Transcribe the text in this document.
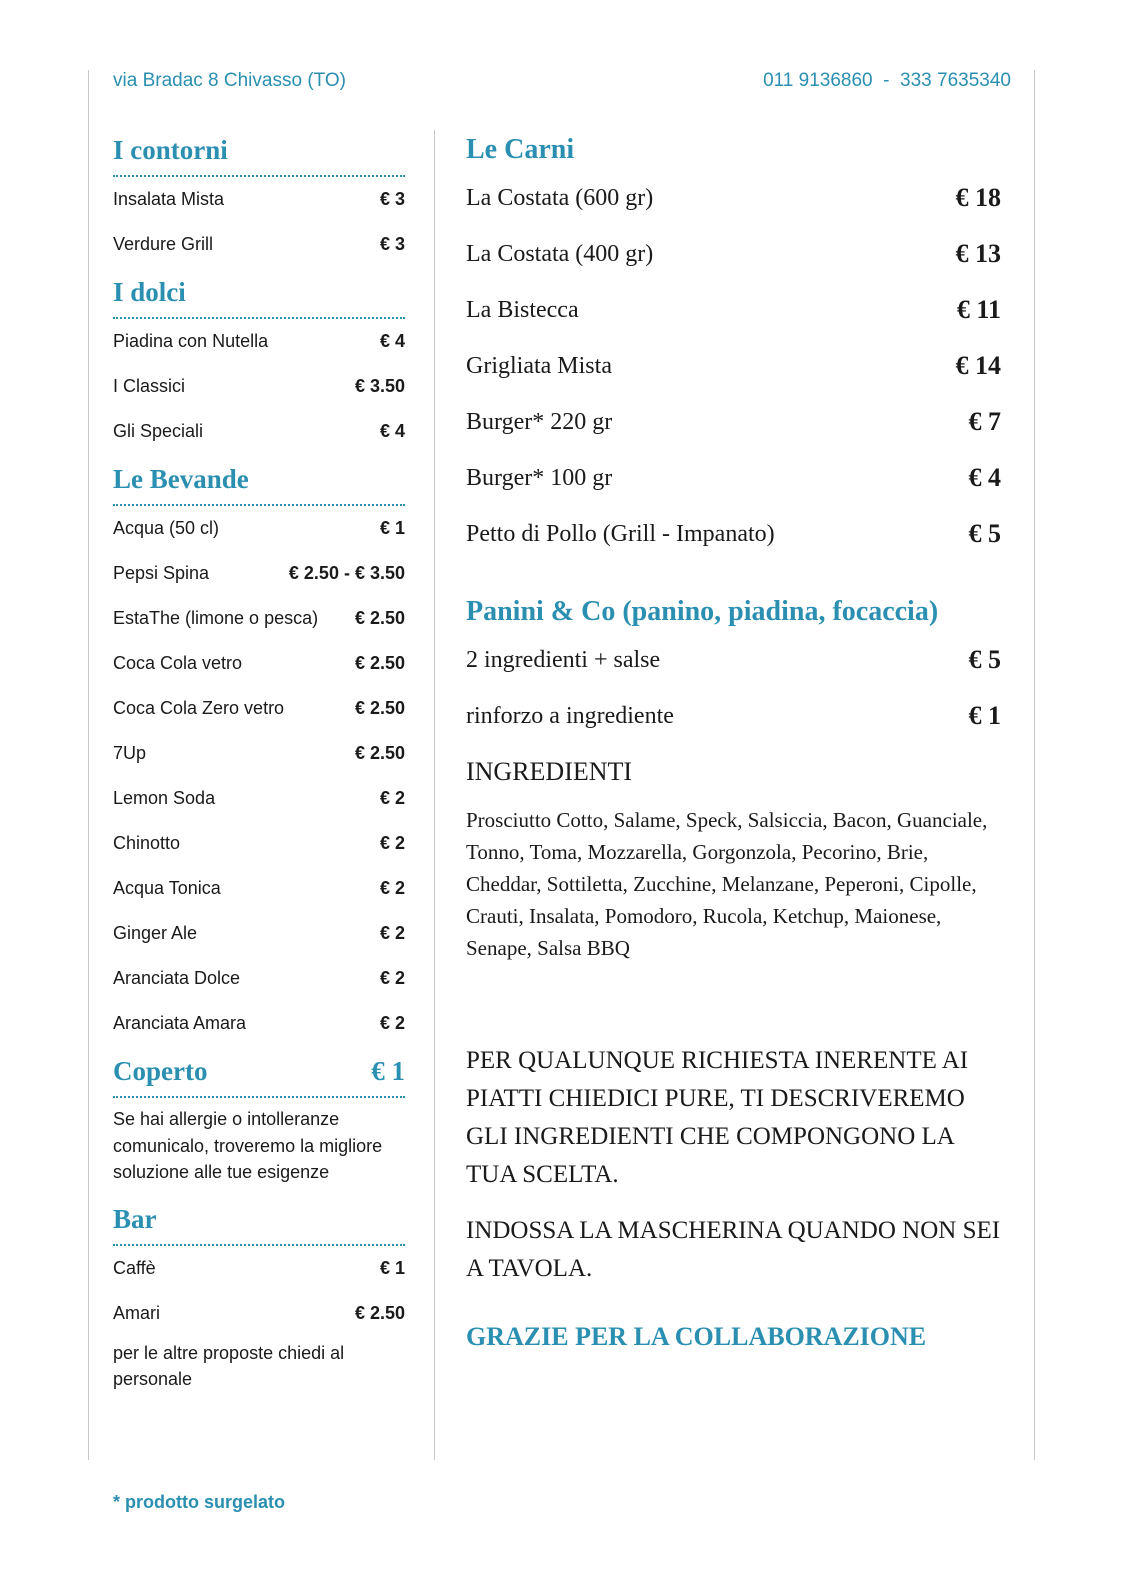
via Bradac 8 Chivasso (TO)	011 9136860  -  333 7635340
I contorni
Insalata Mista	€ 3
Verdure Grill	€ 3
I dolci
Piadina con Nutella	€ 4
I Classici	€ 3.50
Gli Speciali	€ 4
Le Bevande
Acqua (50 cl)	€ 1
Pepsi Spina	€ 2.50 - € 3.50
EstaThe (limone o pesca) € 2.50
Coca Cola vetro	€ 2.50
Coca Cola Zero vetro	€ 2.50
7Up	€ 2.50
Lemon Soda	€ 2
Chinotto	€ 2
Acqua Tonica	€ 2
Ginger Ale	€ 2
Aranciata Dolce	€ 2
Aranciata Amara	€ 2
Coperto	€ 1
Se hai allergie o intolleranze comunicalo, troveremo la migliore soluzione alle tue esigenze
Bar
Caffè	€ 1
Amari	€ 2.50
per le altre proposte chiedi al personale
Le Carni
La Costata (600 gr)	€ 18
La Costata (400 gr)	€ 13
La Bistecca	€ 11
Grigliata Mista	€ 14
Burger* 220 gr	€ 7
Burger* 100 gr	€ 4
Petto di Pollo (Grill - Impanato)	€ 5
Panini & Co (panino, piadina, focaccia)
2 ingredienti + salse	€ 5
rinforzo a ingrediente	€ 1
INGREDIENTI
Prosciutto Cotto, Salame, Speck, Salsiccia, Bacon, Guanciale, Tonno, Toma, Mozzarella, Gorgonzola, Pecorino, Brie, Cheddar, Sottiletta, Zucchine, Melanzane, Peperoni, Cipolle, Crauti, Insalata, Pomodoro, Rucola, Ketchup, Maionese, Senape, Salsa BBQ
PER QUALUNQUE RICHIESTA INERENTE AI PIATTI CHIEDICI PURE, TI DESCRIVEREMO GLI INGREDIENTI CHE COMPONGONO LA TUA SCELTA.
INDOSSA LA MASCHERINA QUANDO NON SEI A TAVOLA.
GRAZIE PER LA COLLABORAZIONE
* prodotto surgelato
